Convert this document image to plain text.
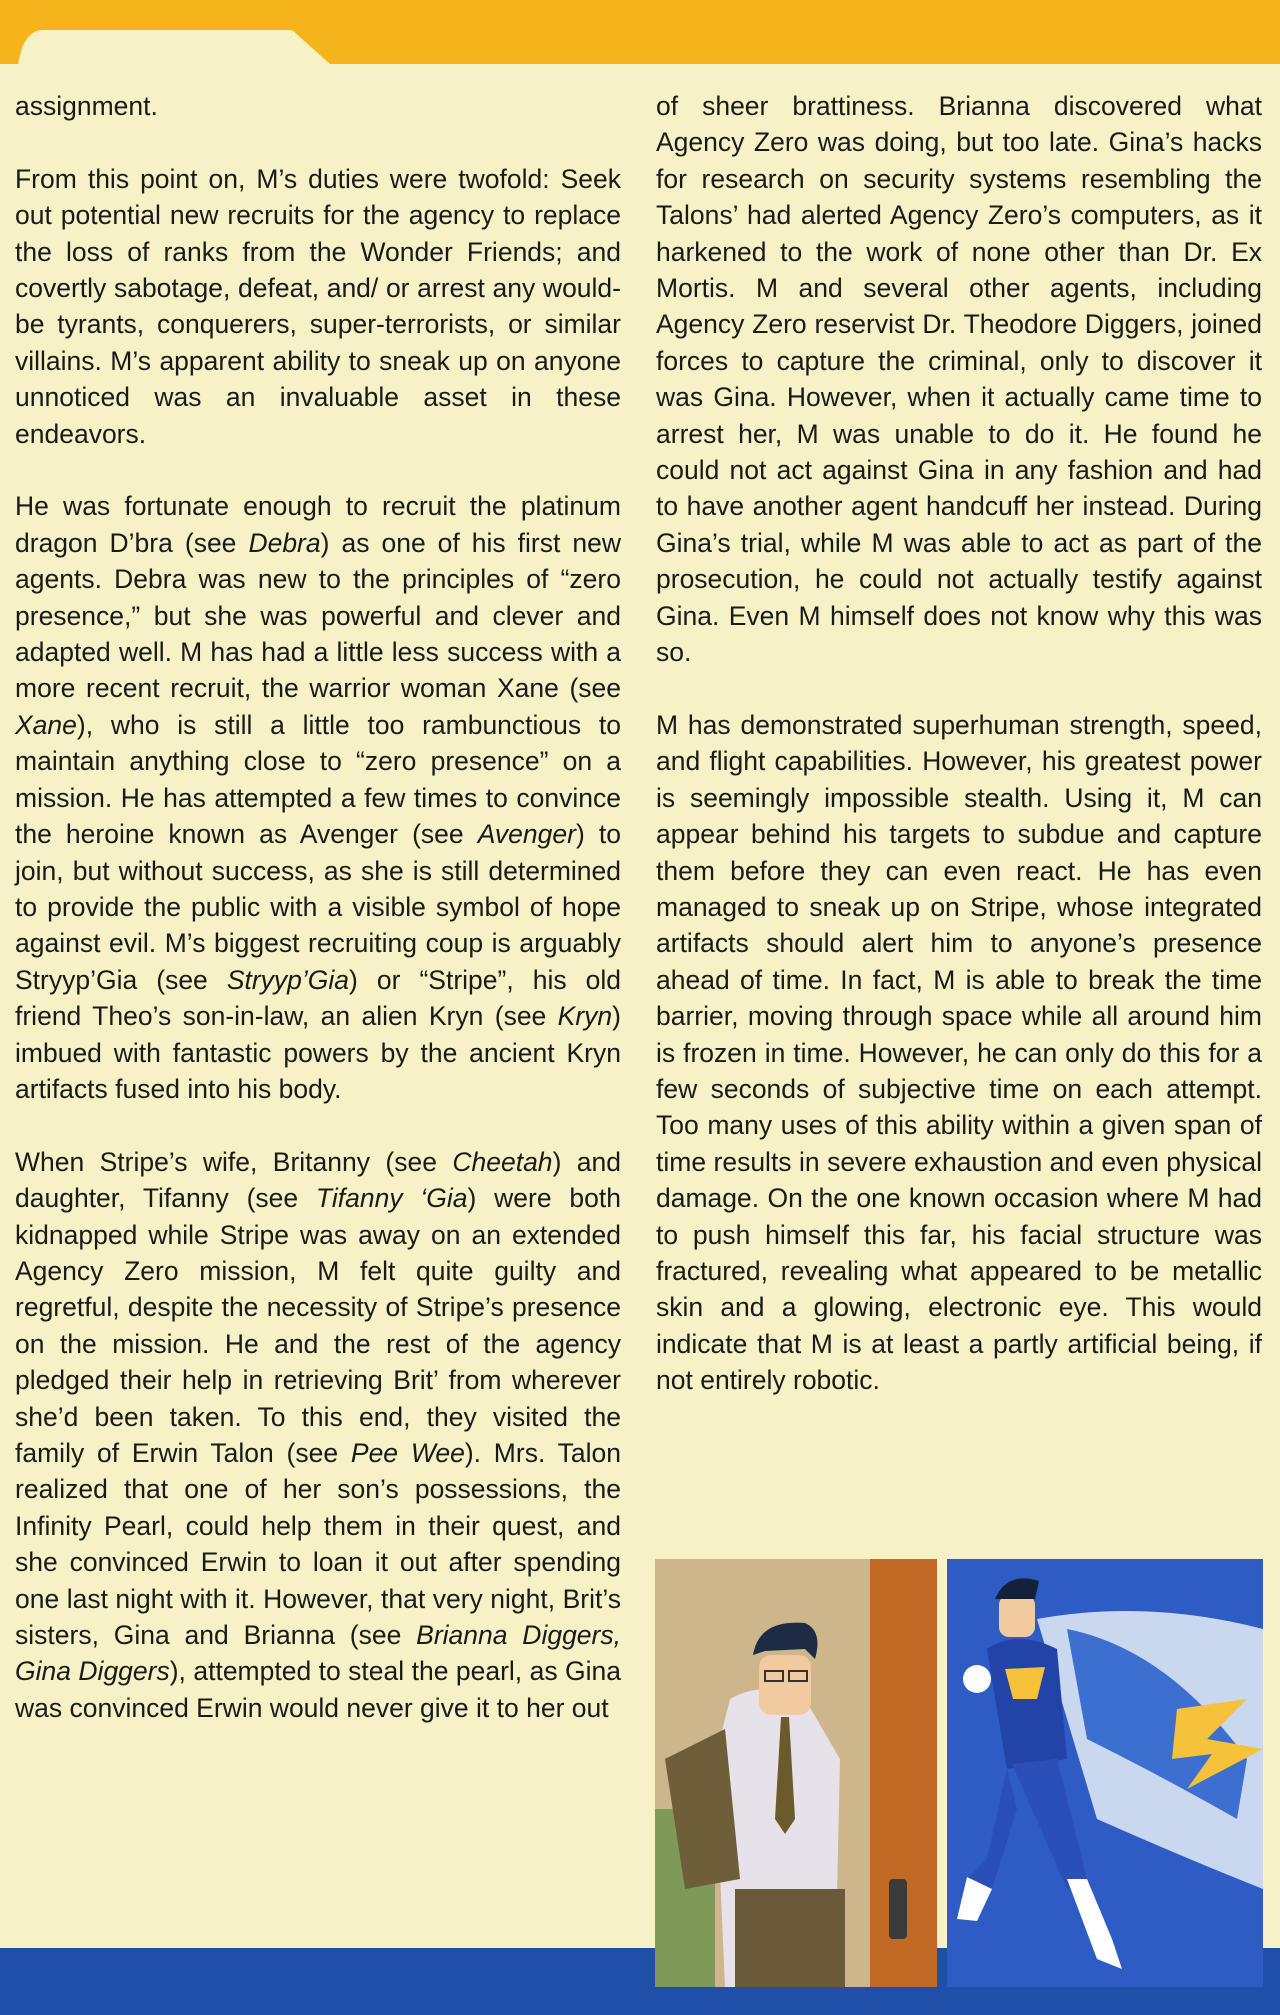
assignment.

From this point on, M’s duties were twofold: Seek out potential new recruits for the agency to replace the loss of ranks from the Wonder Friends; and covertly sabotage, defeat, and/ or arrest any would-be tyrants, conquerers, super-terrorists, or similar villains. M’s apparent ability to sneak up on anyone unnoticed was an invaluable asset in these endeavors.

He was fortunate enough to recruit the platinum dragon D’bra (see Debra) as one of his first new agents. Debra was new to the principles of “zero presence,” but she was powerful and clever and adapted well. M has had a little less success with a more recent recruit, the warrior woman Xane (see Xane), who is still a little too rambunctious to maintain anything close to “zero presence” on a mission. He has attempted a few times to convince the heroine known as Avenger (see Avenger) to join, but without success, as she is still determined to provide the public with a visible symbol of hope against evil. M’s biggest recruiting coup is arguably Stryyp’Gia (see Stryyp’Gia) or “Stripe”, his old friend Theo’s son-in-law, an alien Kryn (see Kryn) imbued with fantastic powers by the ancient Kryn artifacts fused into his body.

When Stripe’s wife, Britanny (see Cheetah) and daughter, Tifanny (see Tifanny ‘Gia) were both kidnapped while Stripe was away on an extended Agency Zero mission, M felt quite guilty and regretful, despite the necessity of Stripe’s presence on the mission. He and the rest of the agency pledged their help in retrieving Brit’ from wherever she’d been taken. To this end, they visited the family of Erwin Talon (see Pee Wee). Mrs. Talon realized that one of her son’s possessions, the Infinity Pearl, could help them in their quest, and she convinced Erwin to loan it out after spending one last night with it. However, that very night, Brit’s sisters, Gina and Brianna (see Brianna Diggers, Gina Diggers), attempted to steal the pearl, as Gina was convinced Erwin would never give it to her out

of sheer brattiness. Brianna discovered what Agency Zero was doing, but too late. Gina’s hacks for research on security systems resembling the Talons’ had alerted Agency Zero’s computers, as it harkened to the work of none other than Dr. Ex Mortis. M and several other agents, including Agency Zero reservist Dr. Theodore Diggers, joined forces to capture the criminal, only to discover it was Gina. However, when it actually came time to arrest her, M was unable to do it. He found he could not act against Gina in any fashion and had to have another agent handcuff her instead. During Gina’s trial, while M was able to act as part of the prosecution, he could not actually testify against Gina. Even M himself does not know why this was so.

M has demonstrated superhuman strength, speed, and flight capabilities. However, his greatest power is seemingly impossible stealth. Using it, M can appear behind his targets to subdue and capture them before they can even react. He has even managed to sneak up on Stripe, whose integrated artifacts should alert him to anyone’s presence ahead of time. In fact, M is able to break the time barrier, moving through space while all around him is frozen in time. However, he can only do this for a few seconds of subjective time on each attempt. Too many uses of this ability within a given span of time results in severe exhaustion and even physical damage. On the one known occasion where M had to push himself this far, his facial structure was fractured, revealing what appeared to be metallic skin and a glowing, electronic eye. This would indicate that M is at least a partly artificial being, if not entirely robotic.
